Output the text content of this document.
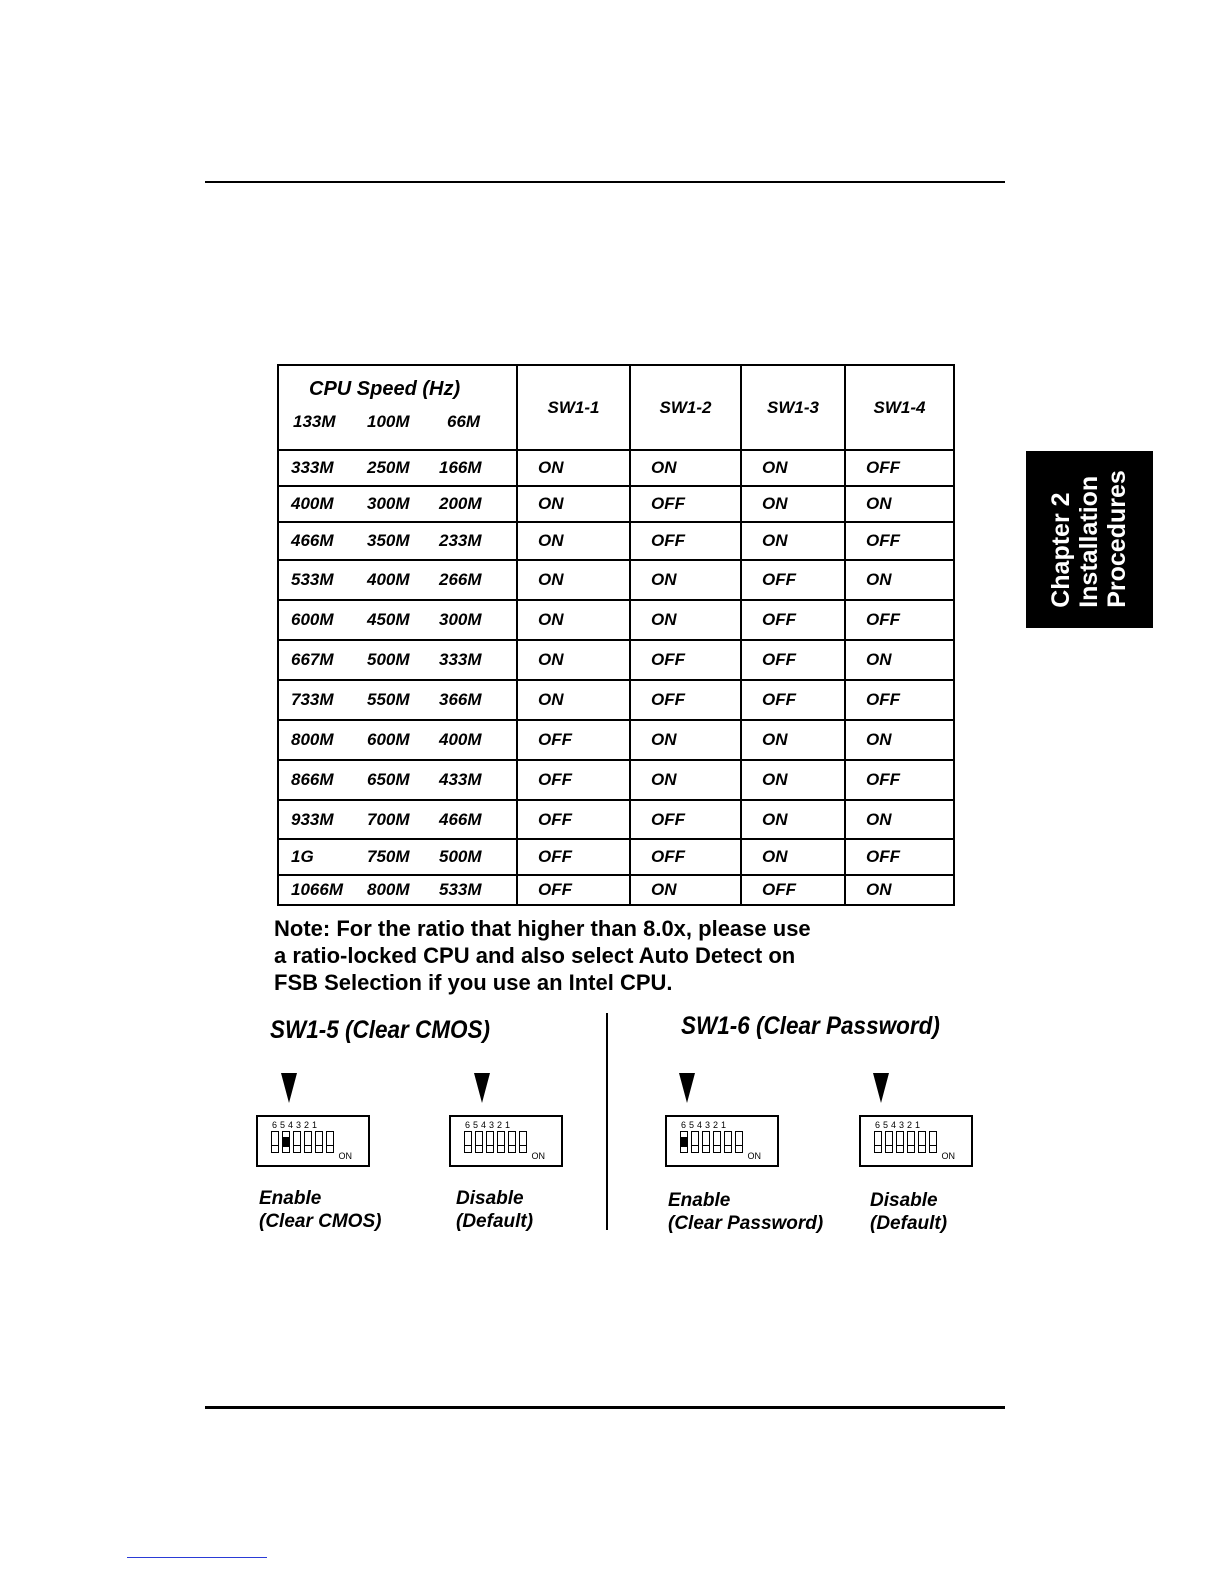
Chapter 2 Installation Procedures
CPU Speed (Hz)
133M 100M 66M	SW1-1	SW1-2	SW1-3	SW1-4

333M 250M 166M	ON	ON	ON	OFF

400M 300M 200M	ON	OFF	ON	ON

466M 350M 233M	ON	OFF	ON	OFF

533M 400M 266M	ON	ON	OFF	ON

600M 450M 300M	ON	ON	OFF	OFF

667M 500M 333M	ON	OFF	OFF	ON

733M 550M 366M	ON	OFF	OFF	OFF

800M 600M 400M	OFF	ON	ON	ON

866M 650M 433M	OFF	ON	ON	OFF

933M 700M 466M	OFF	OFF	ON	ON

1G 750M 500M	OFF	OFF	ON	OFF

1066M 800M 533M	OFF	ON	OFF	ON
Note: For the ratio that higher than 8.0x, please use
a ratio-locked CPU and also select Auto Detect on
FSB Selection if you use an Intel CPU.
SW1-5 (Clear CMOS)	SW1-6 (Clear Password)
654321
ON
654321
ON
654321
ON
654321
ON
Enable
(Clear CMOS)
Disable
(Default)
Enable
(Clear Password)
Disable
(Default)
